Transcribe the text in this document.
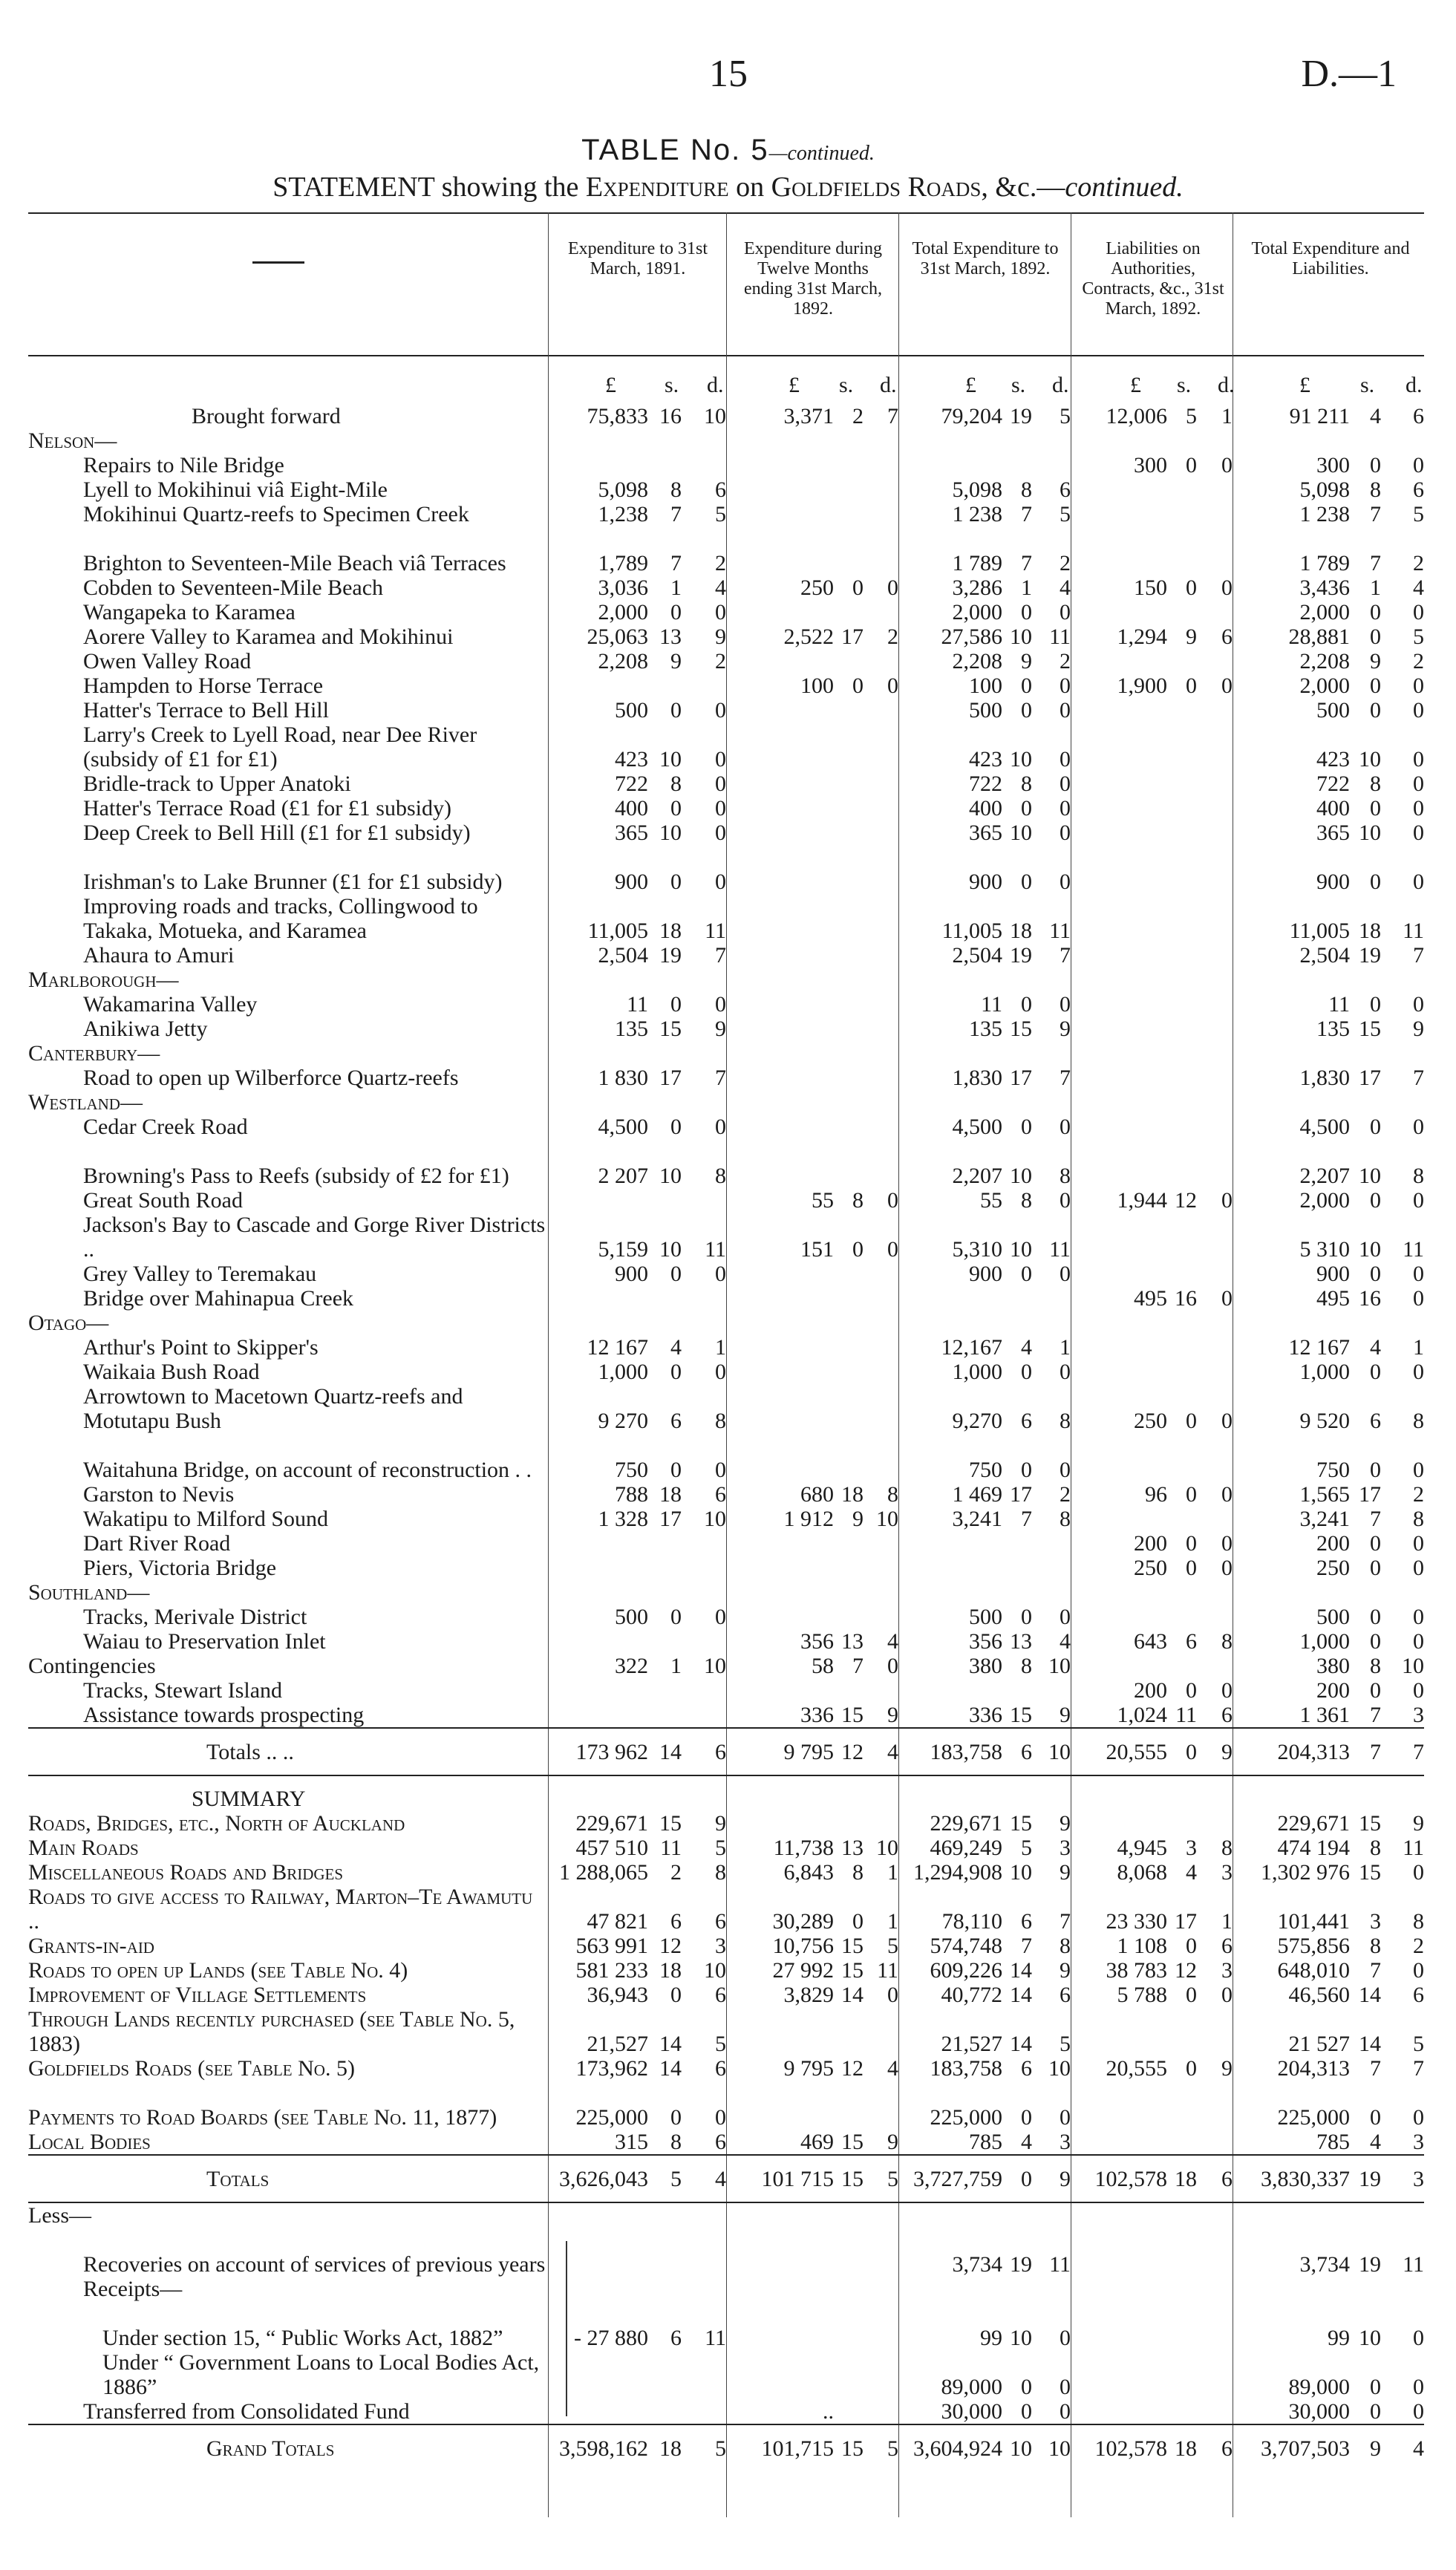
15	D.—1
TABLE No. 5—continued.
STATEMENT showing the Expenditure on Goldfields Roads, &c.—continued.
Expenditure to 31st March, 1891.
Expenditure during Twelve Months ending 31st March, 1892.
Total Expenditure to 31st March, 1892.
Liabilities on Authorities, Contracts, &c., 31st March, 1892.
Total Expenditure and Liabilities.
£ s. d.	£ s. d.	£ s. d.	£ s. d.	£ s. d.
Brought forward	75,833	16	10	3,371	2	7	79,204	19	5	12,006	5	1	91 211	4	6
Nelson—															

Repairs to Nile Bridge										300	0	0	300	0	0

Lyell to Mokihinui viâ Eight-Mile	5,098	8	6				5,098	8	6				5,098	8	6

Mokihinui Quartz-reefs to Specimen Creek	1,238	7	5				1 238	7	5				1 238	7	5

Brighton to Seventeen-Mile Beach viâ Terraces	1,789	7	2				1 789	7	2				1 789	7	2

Cobden to Seventeen-Mile Beach	3,036	1	4	250	0	0	3,286	1	4	150	0	0	3,436	1	4

Wangapeka to Karamea	2,000	0	0				2,000	0	0				2,000	0	0

Aorere Valley to Karamea and Mokihinui	25,063	13	9	2,522	17	2	27,586	10	11	1,294	9	6	28,881	0	5

Owen Valley Road	2,208	9	2				2,208	9	2				2,208	9	2

Hampden to Horse Terrace				100	0	0	100	0	0	1,900	0	0	2,000	0	0

Hatter's Terrace to Bell Hill	500	0	0				500	0	0				500	0	0

Larry's Creek to Lyell Road, near Dee River (subsidy of £1 for £1)	423	10	0				423	10	0				423	10	0

Bridle-track to Upper Anatoki	722	8	0				722	8	0				722	8	0

Hatter's Terrace Road (£1 for £1 subsidy)	400	0	0				400	0	0				400	0	0

Deep Creek to Bell Hill (£1 for £1 subsidy)	365	10	0				365	10	0				365	10	0

Irishman's to Lake Brunner (£1 for £1 subsidy)	900	0	0				900	0	0				900	0	0

Improving roads and tracks, Collingwood to Takaka, Motueka, and Karamea	11,005	18	11				11,005	18	11				11,005	18	11

Ahaura to Amuri	2,504	19	7				2,504	19	7				2,504	19	7
Marlborough—															

Wakamarina Valley	11	0	0				11	0	0				11	0	0

Anikiwa Jetty	135	15	9				135	15	9				135	15	9
Canterbury—															

Road to open up Wilberforce Quartz-reefs	1 830	17	7				1,830	17	7				1,830	17	7
Westland—															

Cedar Creek Road	4,500	0	0				4,500	0	0				4,500	0	0

Browning's Pass to Reefs (subsidy of £2 for £1)	2 207	10	8				2,207	10	8				2,207	10	8

Great South Road				55	8	0	55	8	0	1,944	12	0	2,000	0	0

Jackson's Bay to Cascade and Gorge River Districts ..	5,159	10	11	151	0	0	5,310	10	11				5 310	10	11

Grey Valley to Teremakau	900	0	0				900	0	0				900	0	0

Bridge over Mahinapua Creek										495	16	0	495	16	0
Otago—															

Arthur's Point to Skipper's	12 167	4	1				12,167	4	1				12 167	4	1

Waikaia Bush Road	1,000	0	0				1,000	0	0				1,000	0	0

Arrowtown to Macetown Quartz-reefs and Motutapu Bush	9 270	6	8				9,270	6	8	250	0	0	9 520	6	8

Waitahuna Bridge, on account of reconstruction . .	750	0	0				750	0	0				750	0	0

Garston to Nevis	788	18	6	680	18	8	1 469	17	2	96	0	0	1,565	17	2

Wakatipu to Milford Sound	1 328	17	10	1 912	9	10	3,241	7	8				3,241	7	8

Dart River Road										200	0	0	200	0	0

Piers, Victoria Bridge										250	0	0	250	0	0
Southland—															

Tracks, Merivale District	500	0	0				500	0	0				500	0	0

Waiau to Preservation Inlet				356	13	4	356	13	4	643	6	8	1,000	0	0
Contingencies	322	1	10	58	7	0	380	8	10				380	8	10

Tracks, Stewart Island										200	0	0	200	0	0

Assistance towards prospecting				336	15	9	336	15	9	1,024	11	6	1 361	7	3

Totals .. ..	173 962	14	6	9 795	12	4	183,758	6	10	20,555	0	9	204,313	7	7

SUMMARY															

Roads, Bridges, etc., North of Auckland	229,671	15	9				229,671	15	9				229,671	15	9
Main Roads	457 510	11	5	11,738	13	10	469,249	5	3	4,945	3	8	474 194	8	11
Miscellaneous Roads and Bridges	1 288,065	2	8	6,843	8	1	1,294,908	10	9	8,068	4	3	1,302 976	15	0
Roads to give access to Railway, Marton–Te Awamutu ..	47 821	6	6	30,289	0	1	78,110	6	7	23 330	17	1	101,441	3	8
Grants-in-aid	563 991	12	3	10,756	15	5	574,748	7	8	1 108	0	6	575,856	8	2
Roads to open up Lands (see Table No. 4)	581 233	18	10	27 992	15	11	609,226	14	9	38 783	12	3	648,010	7	0
Improvement of Village Settlements	36,943	0	6	3,829	14	0	40,772	14	6	5 788	0	0	46,560	14	6
Through Lands recently purchased (see Table No. 5, 1883)	21,527	14	5				21,527	14	5				21 527	14	5
Goldfields Roads (see Table No. 5)	173,962	14	6	9 795	12	4	183,758	6	10	20,555	0	9	204,313	7	7
Payments to Road Boards (see Table No. 11, 1877)	225,000	0	0				225,000	0	0				225,000	0	0
Local Bodies	315	8	6	469	15	9	785	4	3				785	4	3

Totals	3,626,043	5	4	101 715	15	5	3,727,759	0	9	102,578	18	6	3,830,337	19	3
Less—															

Recoveries on account of services of previous years							3,734	19	11				3,734	19	11

Receipts—															

Under section 15, “ Public Works Act, 1882”	- 27 880	6	11				99	10	0				99	10	0

Under “ Government Loans to Local Bodies Act, 1886”							89,000	0	0				89,000	0	0

Transferred from Consolidated Fund				..			30,000	0	0				30,000	0	0

Grand Totals	3,598,162	18	5	101,715	15	5	3,604,924	10	10	102,578	18	6	3,707,503	9	4
